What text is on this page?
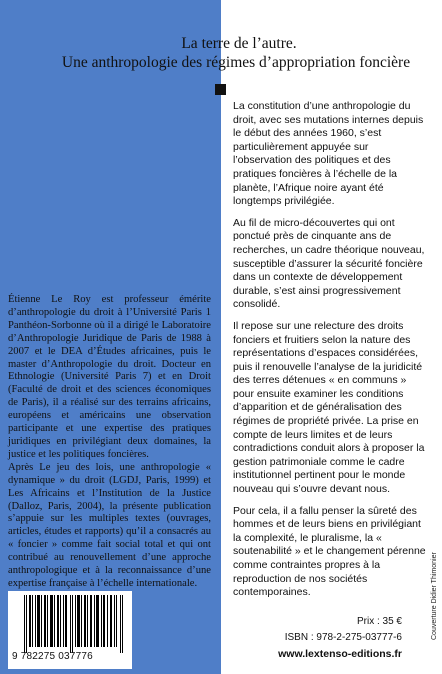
La terre de l’autre.
Une anthropologie des régimes d’appropriation foncière

La constitution d’une anthropologie du droit, avec ses mutations internes depuis le début des années 1960, s’est particulièrement appuyée sur l’observation des politiques et des pratiques foncières à l’échelle de la planète, l’Afrique noire ayant été longtemps privilégiée.

Au fil de micro-découvertes qui ont ponctué près de cinquante ans de recherches, un cadre théorique nouveau, susceptible d’assurer la sécurité foncière dans un contexte de développement durable, s’est ainsi progressivement consolidé.

Il repose sur une relecture des droits fonciers et fruitiers selon la nature des représentations d’espaces considérées, puis il renouvelle l’analyse de la juridicité des terres détenues « en communs » pour ensuite examiner les conditions d’apparition et de généralisation des régimes de propriété privée. La prise en compte de leurs limites et de leurs contradictions conduit alors à proposer la gestion patrimoniale comme le cadre institutionnel pertinent pour le monde nouveau qui s’ouvre devant nous.

Pour cela, il a fallu penser la sûreté des hommes et de leurs biens en privilégiant la complexité, le pluralisme, la « soutenabilité » et le changement pérenne comme contraintes propres à la reproduction de nos sociétés contemporaines.

Étienne Le Roy est professeur émérite d’anthropologie du droit à l’Université Paris 1 Panthéon-Sorbonne où il a dirigé le Laboratoire d’Anthropologie Juridique de Paris de 1988 à 2007 et le DEA d’Études africaines, puis le master d’Anthropologie du droit. Docteur en Ethnologie (Université Paris 7) et en Droit (Faculté de droit et des sciences économiques de Paris), il a réalisé sur des terrains africains, européens et américains une observation participante et une expertise des pratiques juridiques en privilégiant deux domaines, la justice et les politiques foncières.

Après Le jeu des lois, une anthropologie « dynamique » du droit (LGDJ, Paris, 1999) et Les Africains et l’Institution de la Justice (Dalloz, Paris, 2004), la présente publication s’appuie sur les multiples textes (ouvrages, articles, études et rapports) qu’il a consacrés au « foncier » comme fait social total et qui ont contribué au renouvellement d’une approche anthropologique et à la reconnaissance d’une expertise française à l’échelle internationale.

9 782275 037776
Prix : 35 €
ISBN : 978-2-275-03777-6
www.lextenso-editions.fr
Couverture Didier Thimonier
